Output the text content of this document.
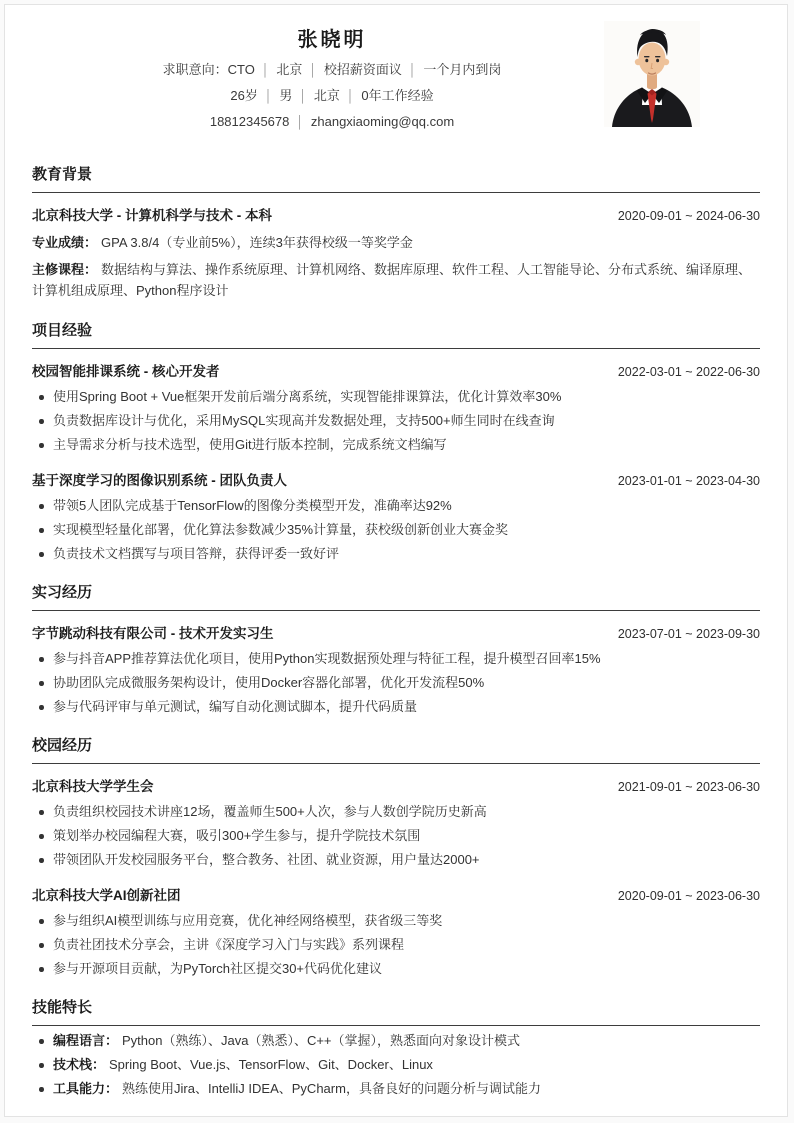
张晓明
求职意向：CTO │ 北京 │ 校招薪资面议 │ 一个月内到岗
26岁 │ 男 │ 北京 │ 0年工作经验
18812345678 │ zhangxiaoming@qq.com
教育背景
北京科技大学 - 计算机科学与技术 - 本科	2020-09-01 ~ 2024-06-30

专业成绩： GPA 3.8/4（专业前5%），连续3年获得校级一等奖学金

主修课程： 数据结构与算法、操作系统原理、计算机网络、数据库原理、软件工程、人工智能导论、分布式系统、编译原理、计算机组成原理、Python程序设计

项目经验
校园智能排课系统 - 核心开发者	2022-03-01 ~ 2022-06-30
使用Spring Boot + Vue框架开发前后端分离系统，实现智能排课算法，优化计算效率30%
负责数据库设计与优化，采用MySQL实现高并发数据处理，支持500+师生同时在线查询
主导需求分析与技术选型，使用Git进行版本控制，完成系统文档编写
基于深度学习的图像识别系统 - 团队负责人	2023-01-01 ~ 2023-04-30
带领5人团队完成基于TensorFlow的图像分类模型开发，准确率达92%
实现模型轻量化部署，优化算法参数减少35%计算量，获校级创新创业大赛金奖
负责技术文档撰写与项目答辩，获得评委一致好评
实习经历
字节跳动科技有限公司 - 技术开发实习生	2023-07-01 ~ 2023-09-30
参与抖音APP推荐算法优化项目，使用Python实现数据预处理与特征工程，提升模型召回率15%
协助团队完成微服务架构设计，使用Docker容器化部署，优化开发流程50%
参与代码评审与单元测试，编写自动化测试脚本，提升代码质量
校园经历
北京科技大学学生会	2021-09-01 ~ 2023-06-30
负责组织校园技术讲座12场，覆盖师生500+人次，参与人数创学院历史新高
策划举办校园编程大赛，吸引300+学生参与，提升学院技术氛围
带领团队开发校园服务平台，整合教务、社团、就业资源，用户量达2000+
北京科技大学AI创新社团	2020-09-01 ~ 2023-06-30
参与组织AI模型训练与应用竞赛，优化神经网络模型，获省级三等奖
负责社团技术分享会，主讲《深度学习入门与实践》系列课程
参与开源项目贡献，为PyTorch社区提交30+代码优化建议
技能特长
编程语言： Python（熟练）、Java（熟悉）、C++（掌握），熟悉面向对象设计模式
技术栈： Spring Boot、Vue.js、TensorFlow、Git、Docker、Linux
工具能力： 熟练使用Jira、IntelliJ IDEA、PyCharm，具备良好的问题分析与调试能力
